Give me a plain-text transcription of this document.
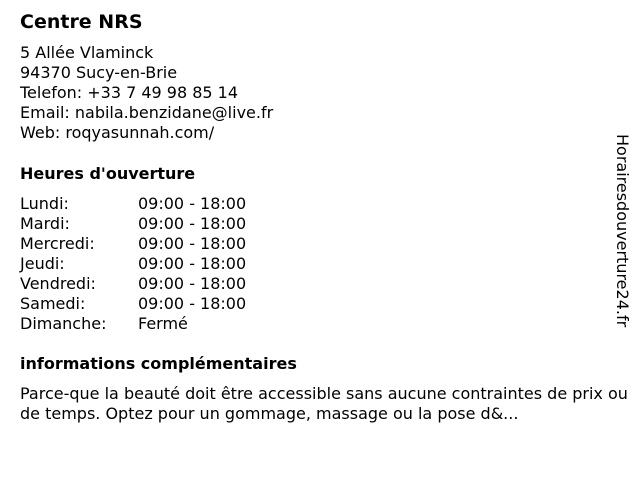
Centre NRS
5 Allée Vlaminck
94370 Sucy-en-Brie
Telefon: +33 7 49 98 85 14
Email: nabila.benzidane@live.fr
Web: roqyasunnah.com/
Heures d'ouverture
Lundi:	09:00 - 18:00
Mardi:	09:00 - 18:00
Mercredi:	09:00 - 18:00
Jeudi:	09:00 - 18:00
Vendredi:	09:00 - 18:00
Samedi:	09:00 - 18:00
Dimanche: Fermé
informations complémentaires
Parce-que la beauté doit être accessible sans aucune contraintes de prix ou de temps. Optez pour un gommage, massage ou la pose d&...
Horairesdouverture24.fr
